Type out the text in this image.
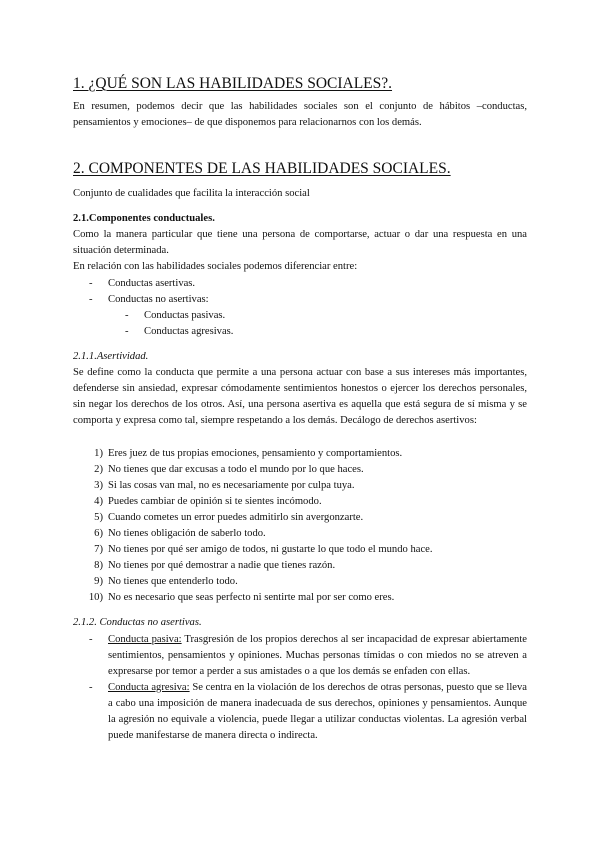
1. ¿QUÉ SON LAS HABILIDADES SOCIALES?.
En resumen, podemos decir que las habilidades sociales son el conjunto de hábitos –conductas, pensamientos y emociones– de que disponemos para relacionarnos con los demás.
2. COMPONENTES DE LAS HABILIDADES SOCIALES.
Conjunto de cualidades que facilita la interacción social
2.1.Componentes conductuales.
Como la manera particular que tiene una persona de comportarse, actuar o dar una respuesta en una situación determinada.
En relación con las habilidades sociales podemos diferenciar entre:
- Conductas asertivas.
- Conductas no asertivas:
- Conductas pasivas.
- Conductas agresivas.
2.1.1.Asertividad.
Se define como la conducta que permite a una persona actuar con base a sus intereses más importantes, defenderse sin ansiedad, expresar cómodamente sentimientos honestos o ejercer los derechos personales, sin negar los derechos de los otros. Así, una persona asertiva es aquella que está segura de sí misma y se comporta y expresa como tal, siempre respetando a los demás. Decálogo de derechos asertivos:
1) Eres juez de tus propias emociones, pensamiento y comportamientos.
2) No tienes que dar excusas a todo el mundo por lo que haces.
3) Si las cosas van mal, no es necesariamente por culpa tuya.
4) Puedes cambiar de opinión si te sientes incómodo.
5) Cuando cometes un error puedes admitirlo sin avergonzarte.
6) No tienes obligación de saberlo todo.
7) No tienes por qué ser amigo de todos, ni gustarte lo que todo el mundo hace.
8) No tienes por qué demostrar a nadie que tienes razón.
9) No tienes que entenderlo todo.
10) No es necesario que seas perfecto ni sentirte mal por ser como eres.
2.1.2. Conductas no asertivas.
- Conducta pasiva: Trasgresión de los propios derechos al ser incapacidad de expresar abiertamente sentimientos, pensamientos y opiniones. Muchas personas tímidas o con miedos no se atreven a expresarse por temor a perder a sus amistades o a que los demás se enfaden con ellas.
- Conducta agresiva: Se centra en la violación de los derechos de otras personas, puesto que se lleva a cabo una imposición de manera inadecuada de sus derechos, opiniones y pensamientos. Aunque la agresión no equivale a violencia, puede llegar a utilizar conductas violentas. La agresión verbal puede manifestarse de manera directa o indirecta.
